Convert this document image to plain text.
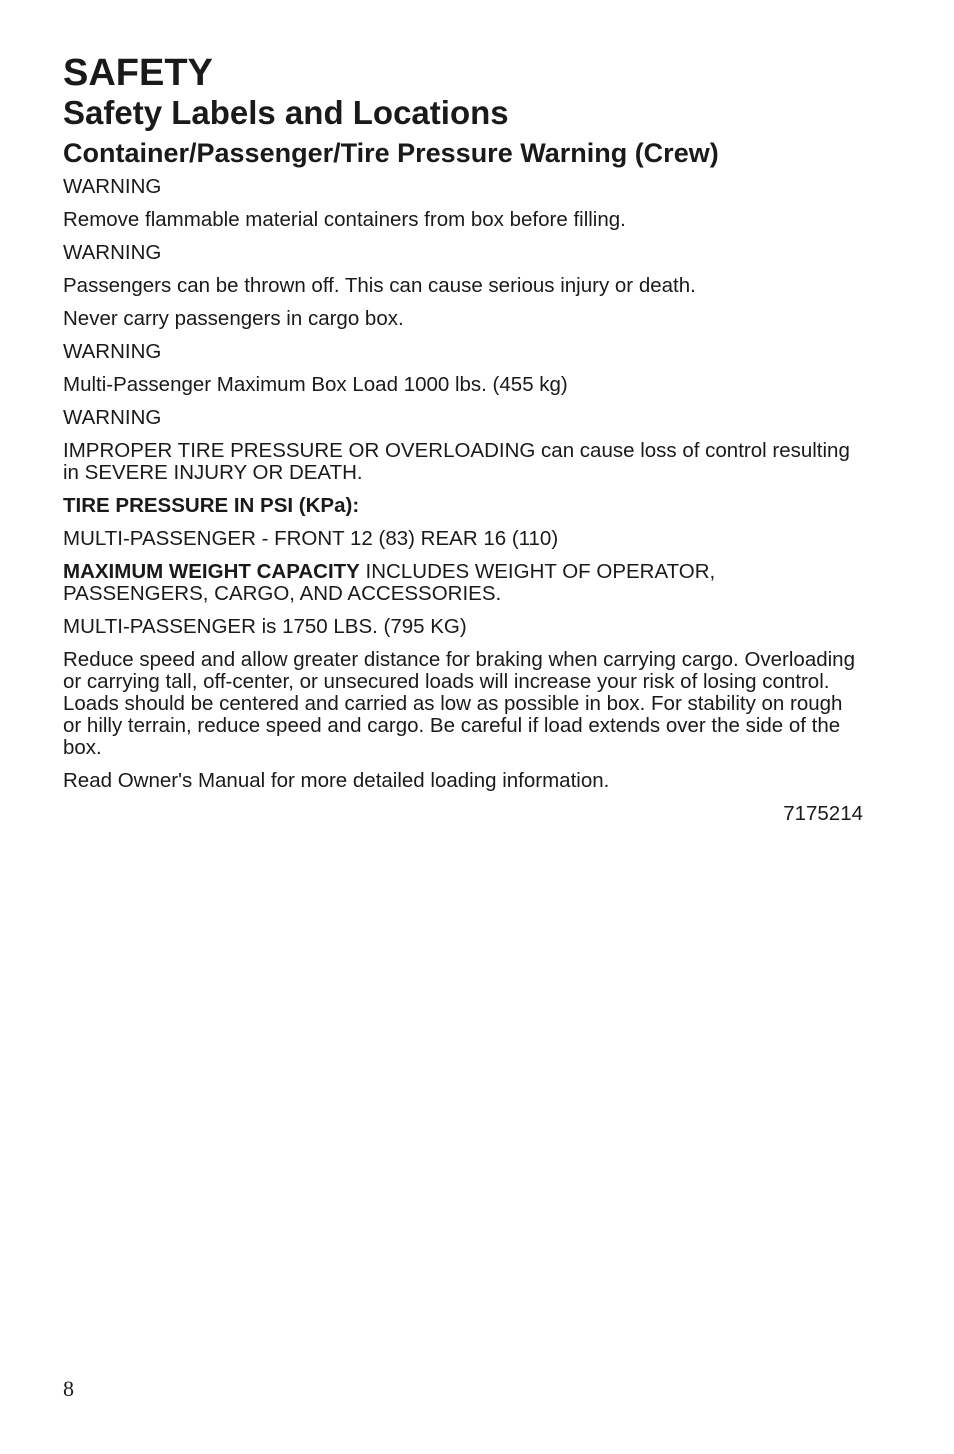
SAFETY
Safety Labels and Locations
Container/Passenger/Tire Pressure Warning (Crew)
WARNING
Remove flammable material containers from box before filling.
WARNING
Passengers can be thrown off. This can cause serious injury or death.
Never carry passengers in cargo box.
WARNING
Multi-Passenger Maximum Box Load 1000 lbs. (455 kg)
WARNING
IMPROPER TIRE PRESSURE OR OVERLOADING can cause loss of control resulting in SEVERE INJURY OR DEATH.
TIRE PRESSURE IN PSI (KPa):
MULTI-PASSENGER - FRONT 12 (83) REAR 16 (110)
MAXIMUM WEIGHT CAPACITY INCLUDES WEIGHT OF OPERATOR, PASSENGERS, CARGO, AND ACCESSORIES.
MULTI-PASSENGER is 1750 LBS. (795 KG)
Reduce speed and allow greater distance for braking when carrying cargo. Overloading or carrying tall, off-center, or unsecured loads will increase your risk of losing control. Loads should be centered and carried as low as possible in box. For stability on rough or hilly terrain, reduce speed and cargo. Be careful if load extends over the side of the box.
Read Owner's Manual for more detailed loading information.
7175214
8
